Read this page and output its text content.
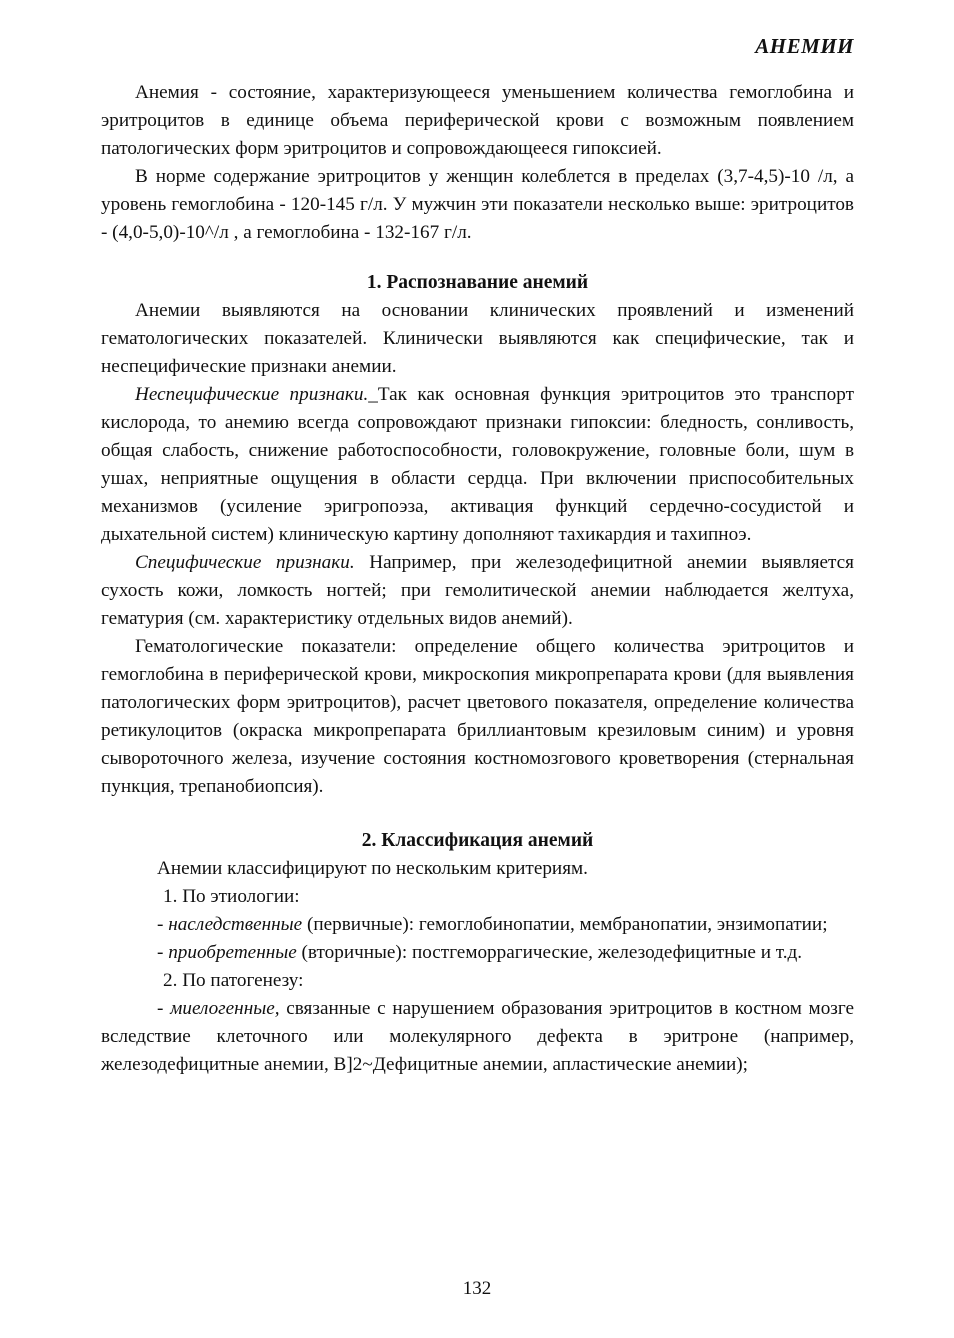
АНЕМИИ

Анемия - состояние, характеризующееся уменьшением количества гемоглобина и эритроцитов в единице объема периферической крови с возможным появлением патологических форм эритроцитов и сопровождающееся гипоксией.

В норме содержание эритроцитов у женщин колеблется в пределах (3,7-4,5)-10 /л, а уровень гемоглобина - 120-145 г/л. У мужчин эти показатели несколько выше: эритроцитов - (4,0-5,0)-10^/л , а гемоглобина - 132-167 г/л.

1. Распознавание анемий

Анемии выявляются на основании клинических проявлений и изменений гематологических показателей. Клинически выявляются как специфические, так и неспецифические признаки анемии.

Неспецифические признаки._Так как основная функция эритроцитов это транспорт кислорода, то анемию всегда сопровождают признаки гипоксии: бледность, сонливость, общая слабость, снижение работоспособности, головокружение, головные боли, шум в ушах, неприятные ощущения в области сердца. При включении приспособительных механизмов (усиление эригропоэза, активация функций сердечно-сосудистой и дыхательной систем) клиническую картину дополняют тахикардия и тахипноэ.

Специфические признаки. Например, при железодефицитной анемии выявляется сухость кожи, ломкость ногтей; при гемолитической анемии наблюдается желтуха, гематурия (см. характеристику отдельных видов анемий).

Гематологические показатели: определение общего количества эритроцитов и гемоглобина в периферической крови, микроскопия микропрепарата крови (для выявления патологических форм эритроцитов), расчет цветового показателя, определение количества ретикулоцитов (окраска микропрепарата бриллиантовым крезиловым синим) и уровня сывороточного железа, изучение состояния костномозгового кроветворения (стернальная пункция, трепанобиопсия).

2. Классификация анемий

Анемии классифицируют по нескольким критериям.

1. По этиологии:

- наследственные (первичные): гемоглобинопатии, мембранопатии, энзимопатии;

- приобретенные (вторичные): постгеморрагические, железодефицитные и т.д.

2. По патогенезу:

- миелогенные, связанные с нарушением образования эритроцитов в костном мозге вследствие клеточного или молекулярного дефекта в эритроне (например, железодефицитные анемии, В]2~Дефицитные анемии, апластические анемии);

132
